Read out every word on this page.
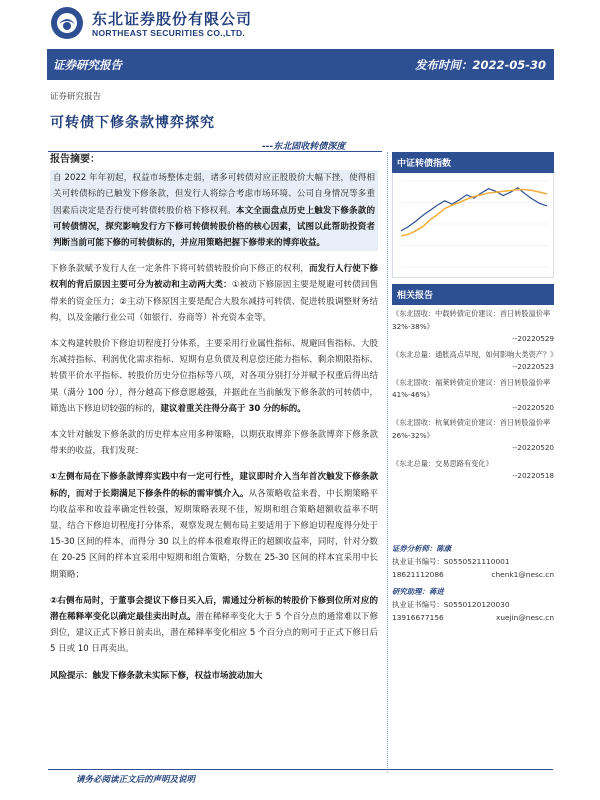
东北证券股份有限公司
NORTHEAST SECURITIES CO.,LTD.
证券研究报告	发布时间：2022-05-30
证券研究报告
可转债下修条款博弈探究
---东北固收转债深度
报告摘要：

自 2022 年年初起，权益市场整体走弱，诸多可转债对应正股股价大幅下挫，使得相关可转债标的已触发下修条款，但发行人将综合考虑市场环境、公司自身情况等多重因素后决定是否行使可转债转股价格下修权利。本文全面盘点历史上触发下修条款的可转债情况，探究影响发行方下修可转债转股价格的核心因素，试图以此帮助投资者判断当前可能下修的可转债标的，并应用策略把握下修带来的博弈收益。

下修条款赋予发行人在一定条件下将可转债转股价向下修正的权利，而发行人行使下修权利的背后原因主要可分为被动和主动两大类：①被动下修原因主要是规避可转债回售带来的资金压力；②主动下修原因主要是配合大股东减持可转债、促进转股调整财务结构，以及金融行业公司（如银行、券商等）补充资本金等。

本文构建转股价下修迫切程度打分体系，主要采用行业属性指标、规避回售指标、大股东减持指标、利润优化需求指标、短期有息负债及利息偿还能力指标、剩余期限指标、转债平价水平指标、转股价历史分位指标等八项，对各项分别打分并赋予权重后得出结果（满分 100 分），得分越高下修意愿越强，并据此在当前触发下修条款的可转债中，筛选出下修迫切较强的标的，建议着重关注得分高于 30 分的标的。

本文针对触发下修条款的历史样本应用多种策略，以期获取博弈下修条款博弈下修条款带来的收益，我们发现：

①左侧布局在下修条款博弈实践中有一定可行性，建议即时介入当年首次触发下修条款标的，而对于长期满足下修条件的标的需审慎介入。从各策略收益来看，中长期策略平均收益率和收益率确定性较强，短期策略表现不佳，短期和组合策略超额收益率不明显，结合下修迫切程度打分体系，观察发现左侧布局主要适用于下修迫切程度得分处于 15-30 区间的样本，而得分 30 以上的样本很难取得正的超额收益率，同时，针对分数在 20-25 区间的样本宜采用中短期和组合策略，分数在 25-30 区间的样本宜采用中长期策略；

②右侧布局时，于董事会提议下修日买入后，需通过分析标的转股价下修到位所对应的潜在稀释率变化以确定最佳卖出时点。潜在稀释率变化大于 5 个百分点的通常难以下修到位，建议正式下修日前卖出，潜在稀释率变化相应 5 个百分点的则可于正式下修日后 5 日或 10 日再卖出。

风险提示：触发下修条款未实际下修，权益市场波动加大

中证转债指数
相关报告
《东北固收：中载转债定价建议：首日转股溢价率 32%-38%》
--20220529
《东北总量：通胀高点早现，如何影响大类资产？》
--20220523
《东北固收：福莱转债定价建议：首日转股溢价率 41%-46%》
--20220520
《东北固收：杭氧转债定价建议：首日转股溢价率 26%-32%》
--20220520
《东北总量：交易思路有变化》
--20220518
证券分析师：陈康
执业证书编号：S0550521110001
18621112086	chenk1@nesc.cn
研究助理：蒋进
执业证书编号：S0550120120030
13916677156	xuejin@nesc.cn
请务必阅读正文后的声明及说明
